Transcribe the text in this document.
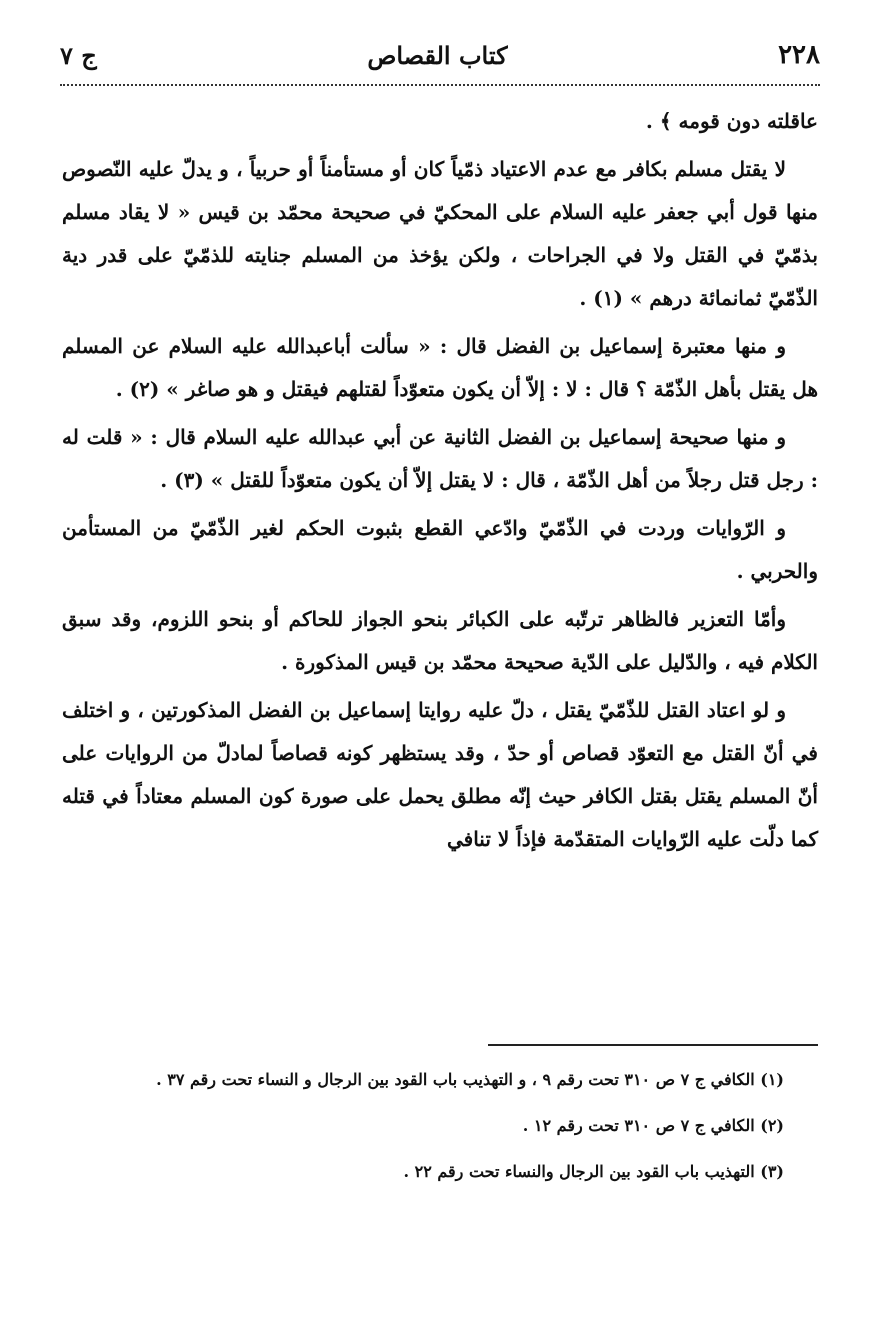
٢٢٨
كتاب القصاص
ج ٧

عاقلته دون قومه ﴾ .

لا يقتل مسلم بكافر مع عدم الاعتياد ذمّياً كان أو مستأمناً أو حربياً ، و يدلّ عليه النّصوص منها قول أبي جعفر عليه السلام على المحكيّ في صحيحة محمّد بن قيس « لا يقاد مسلم بذمّيّ في القتل ولا في الجراحات ، ولكن يؤخذ من المسلم جنايته للذمّيّ على قدر دية الذّمّيّ ثمانمائة درهم » (١) .

و منها معتبرة إسماعيل بن الفضل قال : « سألت أباعبدالله عليه السلام عن المسلم هل يقتل بأهل الذّمّة ؟ قال : لا : إلاّ أن يكون متعوّداً لقتلهم فيقتل و هو صاغر » (٢) .

و منها صحيحة إسماعيل بن الفضل الثانية عن أبي عبدالله عليه السلام قال : « قلت له : رجل قتل رجلاً من أهل الذّمّة ، قال : لا يقتل إلاّ أن يكون متعوّداً للقتل » (٣) .

و الرّوايات وردت في الذّمّيّ وادّعي القطع بثبوت الحكم لغير الذّمّيّ من المستأمن والحربي .

وأمّا التعزير فالظاهر ترتّبه على الكبائر بنحو الجواز للحاكم أو بنحو اللزوم، وقد سبق الكلام فيه ، والدّليل على الدّية صحيحة محمّد بن قيس المذكورة .

و لو اعتاد القتل للذّمّيّ يقتل ، دلّ عليه روايتا إسماعيل بن الفضل المذكورتين ، و اختلف في أنّ القتل مع التعوّد قصاص أو حدّ ، وقد يستظهر كونه قصاصاً لمادلّ من الروايات على أنّ المسلم يقتل بقتل الكافر حيث إنّه مطلق يحمل على صورة كون المسلم معتاداً في قتله كما دلّت عليه الرّوايات المتقدّمة فإذاً لا تنافي

(١) الكافي ج ٧ ص ٣١٠ تحت رقم ٩ ، و التهذيب باب القود بين الرجال و النساء تحت رقم ٣٧ .

(٢) الكافي ج ٧ ص ٣١٠ تحت رقم ١٢ .

(٣) التهذيب باب القود بين الرجال والنساء تحت رقم ٢٢ .
